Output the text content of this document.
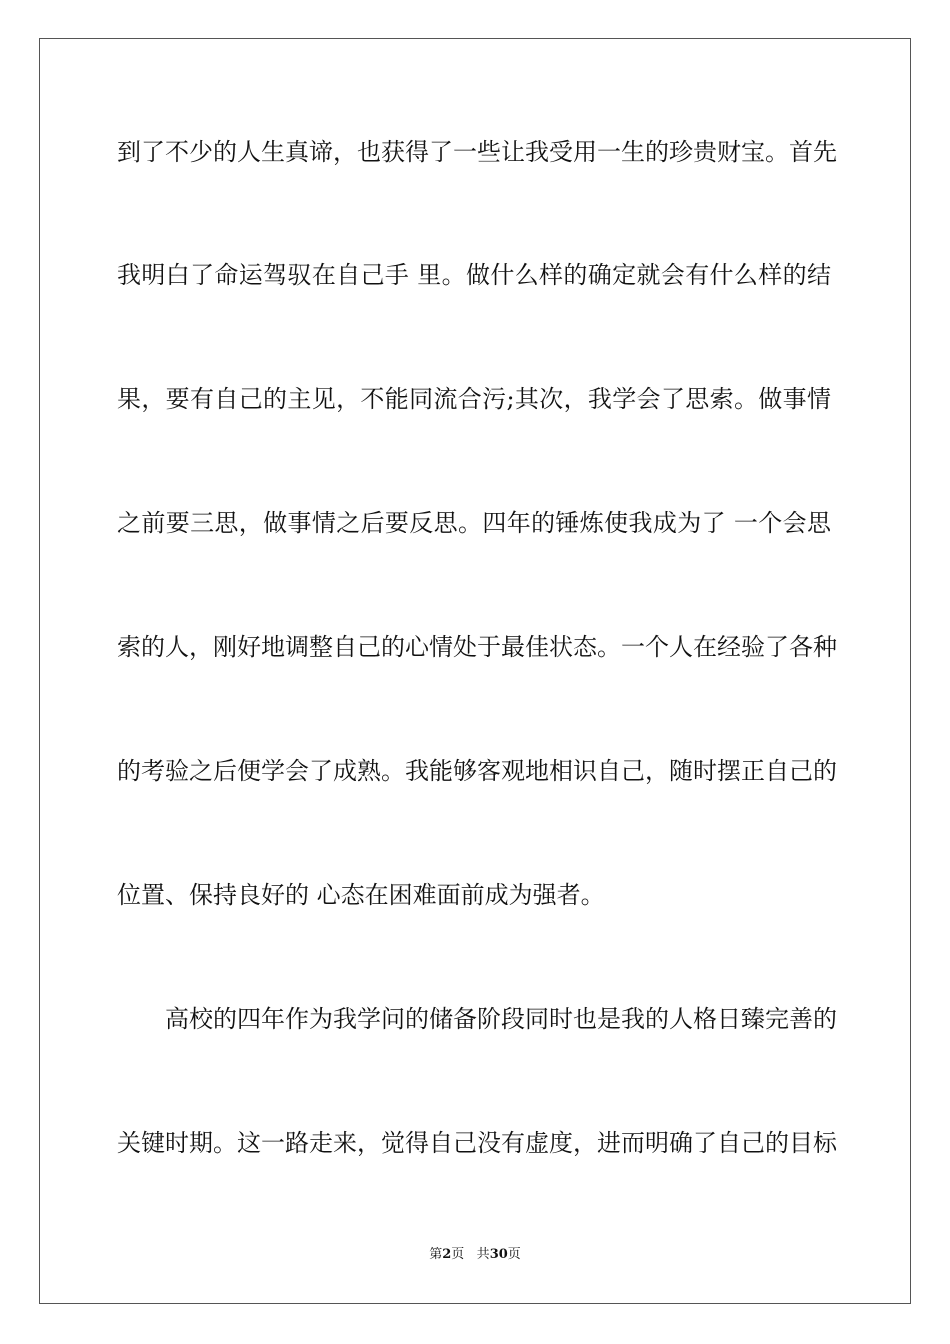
到了不少的人生真谛，也获得了一些让我受用一生的珍贵财宝。首先
我明白了命运驾驭在自己手 里。做什么样的确定就会有什么样的结
果，要有自己的主见，不能同流合污;其次，我学会了思索。做事情
之前要三思，做事情之后要反思。四年的锤炼使我成为了 一个会思
索的人，刚好地调整自己的心情处于最佳状态。一个人在经验了各种
的考验之后便学会了成熟。我能够客观地相识自己，随时摆正自己的
位置、保持良好的 心态在困难面前成为强者。
高校的四年作为我学问的储备阶段同时也是我的人格日臻完善的
关键时期。这一路走来，觉得自己没有虚度，进而明确了自己的目标
第2页 共30页
